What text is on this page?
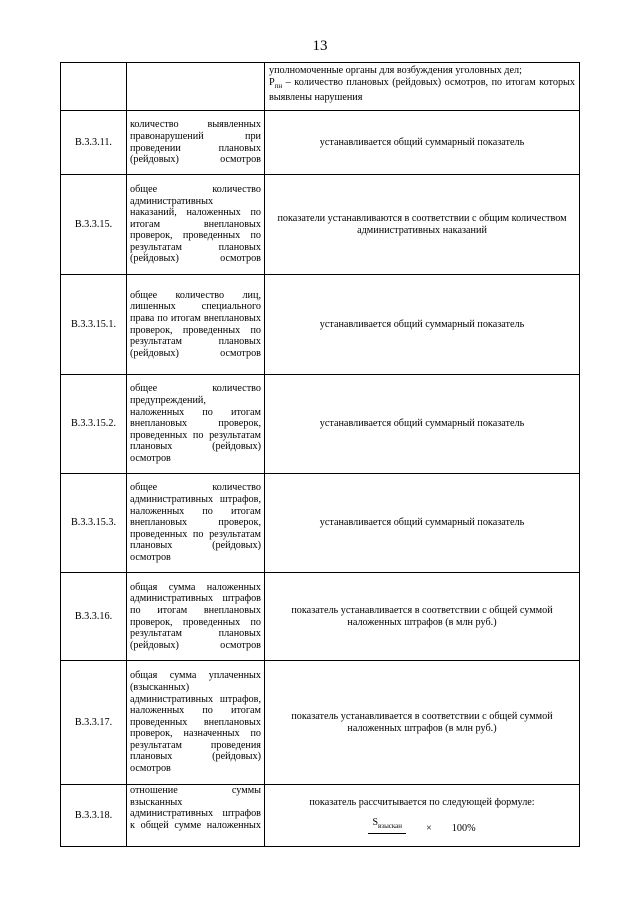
13

		уполномоченные органы для возбуждения уголовных дел;
$P_{пн}$ – количество плановых (рейдовых) осмотров, по итогам которых выявлены нарушения

В.3.3.11.	количество выявленных правонарушений при проведении плановых (рейдовых) осмотров	устанавливается общий суммарный показатель
В.3.3.15.	общее количество административных наказаний, наложенных по итогам внеплановых проверок, проведенных по результатам плановых (рейдовых) осмотров	показатели устанавливаются в соответствии с общим количеством административных наказаний
В.3.3.15.1.	общее количество лиц, лишенных специального права по итогам внеплановых проверок, проведенных по результатам плановых (рейдовых) осмотров	устанавливается общий суммарный показатель
В.3.3.15.2.	общее количество предупреждений, наложенных по итогам внеплановых проверок, проведенных по результатам плановых (рейдовых) осмотров	устанавливается общий суммарный показатель
В.3.3.15.3.	общее количество административных штрафов, наложенных по итогам внеплановых проверок, проведенных по результатам плановых (рейдовых) осмотров	устанавливается общий суммарный показатель
В.3.3.16.	общая сумма наложенных административных штрафов по итогам внеплановых проверок, проведенных по результатам плановых (рейдовых) осмотров	показатель устанавливается в соответствии с общей суммой наложенных штрафов (в млн руб.)
В.3.3.17.	общая сумма уплаченных (взысканных) административных штрафов, наложенных по итогам проведенных внеплановых проверок, назначенных по результатам проведения плановых (рейдовых) осмотров	показатель устанавливается в соответствии с общей суммой наложенных штрафов (в млн руб.)
В.3.3.18.	отношение суммы взысканных административных штрафов к общей сумме наложенных	показатель рассчитывается по следующей формуле:
$S_{взыскан} \times 100\%$
